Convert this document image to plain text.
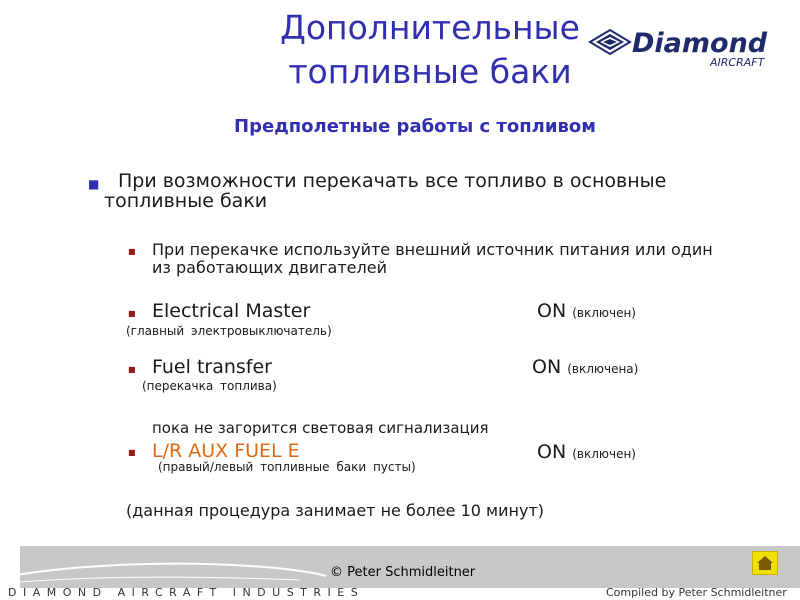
Дополнительные
топливные баки
Diamond
AIRCRAFT
Предполетные работы с топливом
■ При возможности перекачать все топливо в основные
топливные баки
■ При перекачке используйте внешний источник питания или один
из работающих двигателей
■ Electrical Master	ON (включен)
(главный электровыключатель)
■ Fuel transfer	ON (включена)
(перекачка топлива)
пока не загорится световая сигнализация
■ L/R AUX FUEL E	ON (включен)
(правый/левый топливные баки пусты)
(данная процедура занимает не более 10 минут)
© Peter Schmidleitner
DIAMOND AIRCRAFT INDUSTRIES	Compiled by Peter Schmidleitner
